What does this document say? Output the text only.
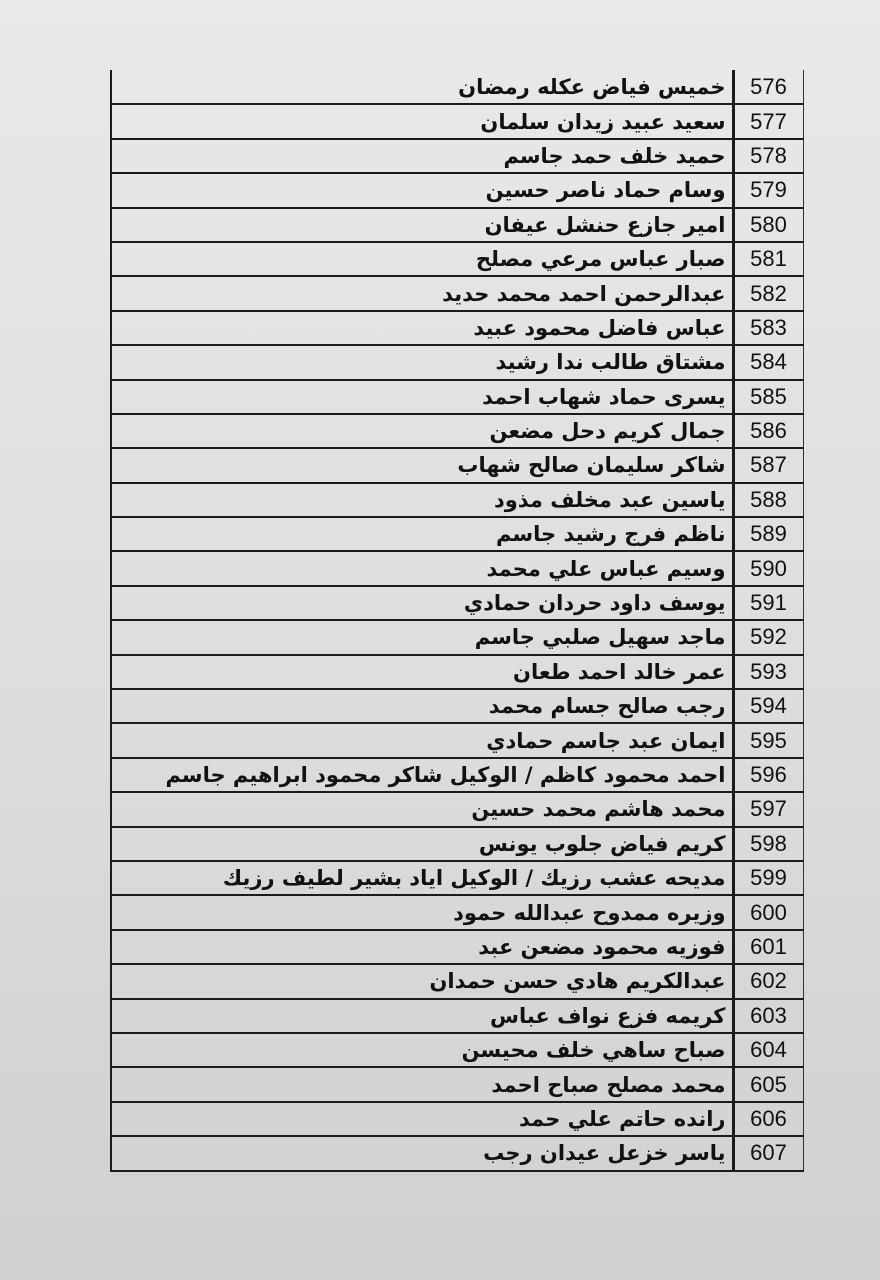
خميس فياض عكله رمضان	576
سعيد عبيد زيدان سلمان	577
حميد خلف حمد جاسم	578
وسام حماد ناصر حسين	579
امير جازع حنشل عيفان	580
صبار عباس مرعي مصلح	581
عبدالرحمن احمد محمد حديد	582
عباس فاضل محمود عبيد	583
مشتاق طالب ندا رشيد	584
يسرى حماد شهاب احمد	585
جمال كريم دحل مضعن	586
شاكر سليمان صالح شهاب	587
ياسين عبد مخلف مذود	588
ناظم فرج رشيد جاسم	589
وسيم عباس علي محمد	590
يوسف داود حردان حمادي	591
ماجد سهيل صلبي جاسم	592
عمر خالد احمد طعان	593
رجب صالح جسام محمد	594
ايمان عبد جاسم حمادي	595
احمد محمود كاظم / الوكيل شاكر محمود ابراهيم جاسم	596
محمد هاشم محمد حسين	597
كريم فياض جلوب يونس	598
مديحه عشب رزيك / الوكيل اياد بشير لطيف رزيك	599
وزيره ممدوح عبدالله حمود	600
فوزيه محمود مضعن عبد	601
عبدالكريم هادي حسن حمدان	602
كريمه فزع نواف عباس	603
صباح ساهي خلف محيسن	604
محمد مصلح صباح احمد	605
رانده حاتم علي حمد	606
ياسر خزعل عيدان رجب	607
